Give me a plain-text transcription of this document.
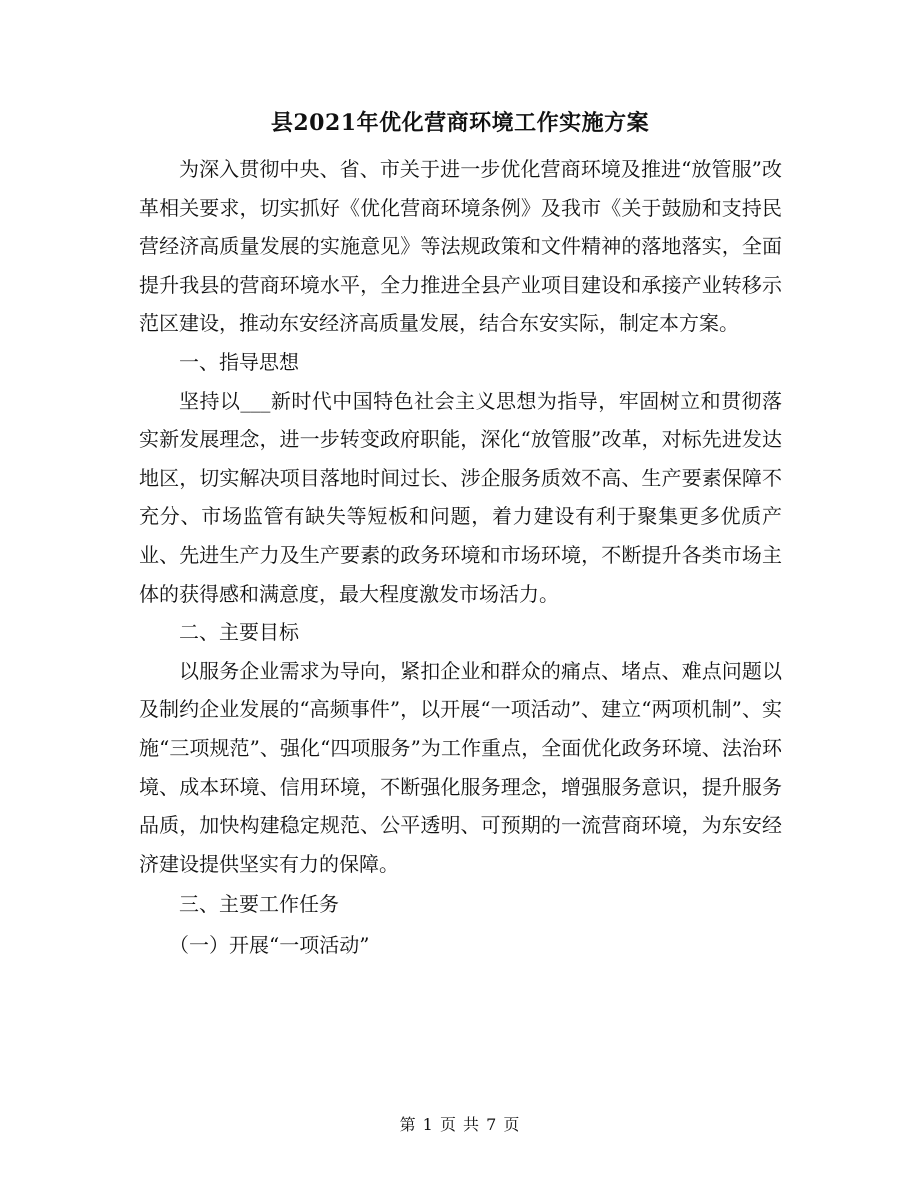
县2021年优化营商环境工作实施方案

为深入贯彻中央、省、市关于进一步优化营商环境及推进“放管服”改革相关要求，切实抓好《优化营商环境条例》及我市《关于鼓励和支持民营经济高质量发展的实施意见》等法规政策和文件精神的落地落实，全面提升我县的营商环境水平，全力推进全县产业项目建设和承接产业转移示范区建设，推动东安经济高质量发展，结合东安实际，制定本方案。

一、指导思想

坚持以___新时代中国特色社会主义思想为指导，牢固树立和贯彻落实新发展理念，进一步转变政府职能，深化“放管服”改革，对标先进发达地区，切实解决项目落地时间过长、涉企服务质效不高、生产要素保障不充分、市场监管有缺失等短板和问题，着力建设有利于聚集更多优质产业、先进生产力及生产要素的政务环境和市场环境，不断提升各类市场主体的获得感和满意度，最大程度激发市场活力。

二、主要目标

以服务企业需求为导向，紧扣企业和群众的痛点、堵点、难点问题以及制约企业发展的“高频事件”，以开展“一项活动”、建立“两项机制”、实施“三项规范”、强化“四项服务”为工作重点，全面优化政务环境、法治环境、成本环境、信用环境，不断强化服务理念，增强服务意识，提升服务品质，加快构建稳定规范、公平透明、可预期的一流营商环境，为东安经济建设提供坚实有力的保障。

三、主要工作任务

（一）开展“一项活动”

第 1 页 共 7 页
